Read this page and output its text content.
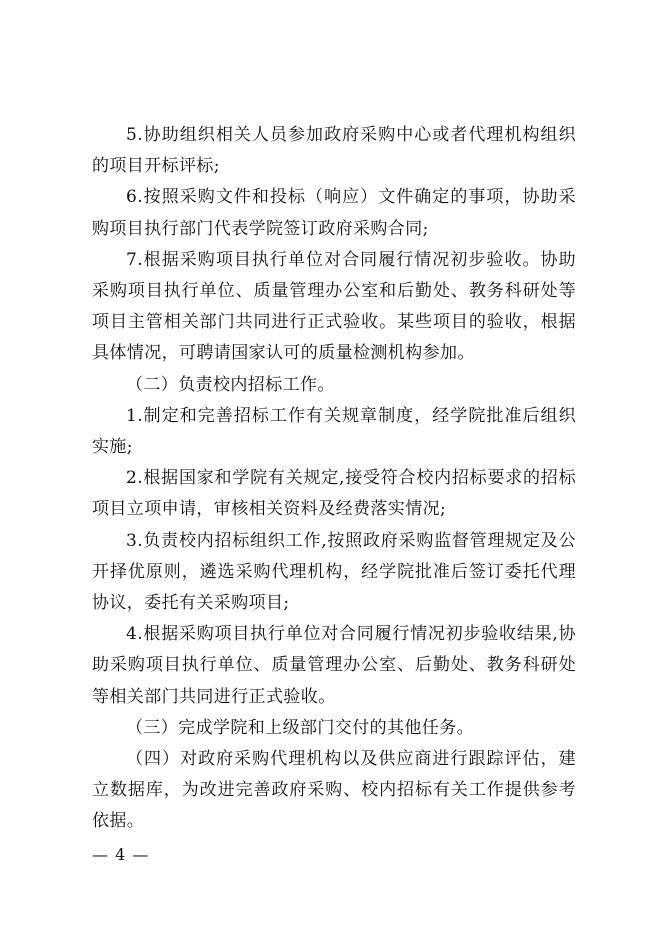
5.协助组织相关人员参加政府采购中心或者代理机构组织的项目开标评标;

6.按照采购文件和投标（响应）文件确定的事项，协助采购项目执行部门代表学院签订政府采购合同;

7.根据采购项目执行单位对合同履行情况初步验收。协助采购项目执行单位、质量管理办公室和后勤处、教务科研处等项目主管相关部门共同进行正式验收。某些项目的验收，根据具体情况，可聘请国家认可的质量检测机构参加。

（二）负责校内招标工作。

1.制定和完善招标工作有关规章制度，经学院批准后组织实施;

2.根据国家和学院有关规定,接受符合校内招标要求的招标项目立项申请，审核相关资料及经费落实情况;

3.负责校内招标组织工作,按照政府采购监督管理规定及公开择优原则，遴选采购代理机构，经学院批准后签订委托代理协议，委托有关采购项目;

4.根据采购项目执行单位对合同履行情况初步验收结果,协助采购项目执行单位、质量管理办公室、后勤处、教务科研处等相关部门共同进行正式验收。

（三）完成学院和上级部门交付的其他任务。

（四）对政府采购代理机构以及供应商进行跟踪评估，建立数据库，为改进完善政府采购、校内招标有关工作提供参考依据。

— 4 —
